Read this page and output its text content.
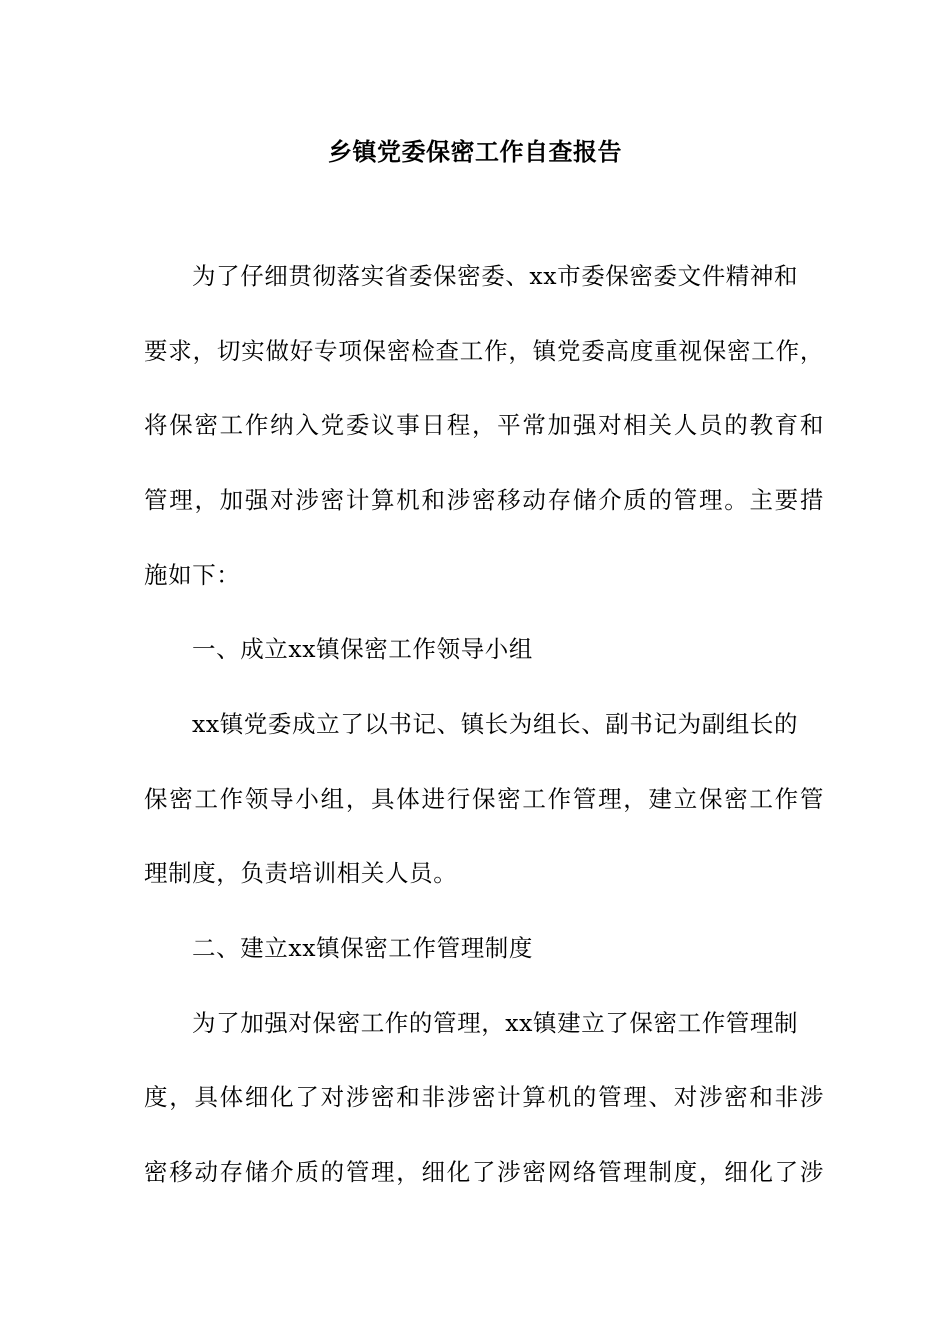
乡镇党委保密工作自查报告
为了仔细贯彻落实省委保密委、xx市委保密委文件精神和
要求，切实做好专项保密检查工作，镇党委高度重视保密工作，
将保密工作纳入党委议事日程，平常加强对相关人员的教育和
管理，加强对涉密计算机和涉密移动存储介质的管理。主要措
施如下：
一、成立xx镇保密工作领导小组
xx镇党委成立了以书记、镇长为组长、副书记为副组长的
保密工作领导小组，具体进行保密工作管理，建立保密工作管
理制度，负责培训相关人员。
二、建立xx镇保密工作管理制度
为了加强对保密工作的管理，xx镇建立了保密工作管理制
度，具体细化了对涉密和非涉密计算机的管理、对涉密和非涉
密移动存储介质的管理，细化了涉密网络管理制度，细化了涉
